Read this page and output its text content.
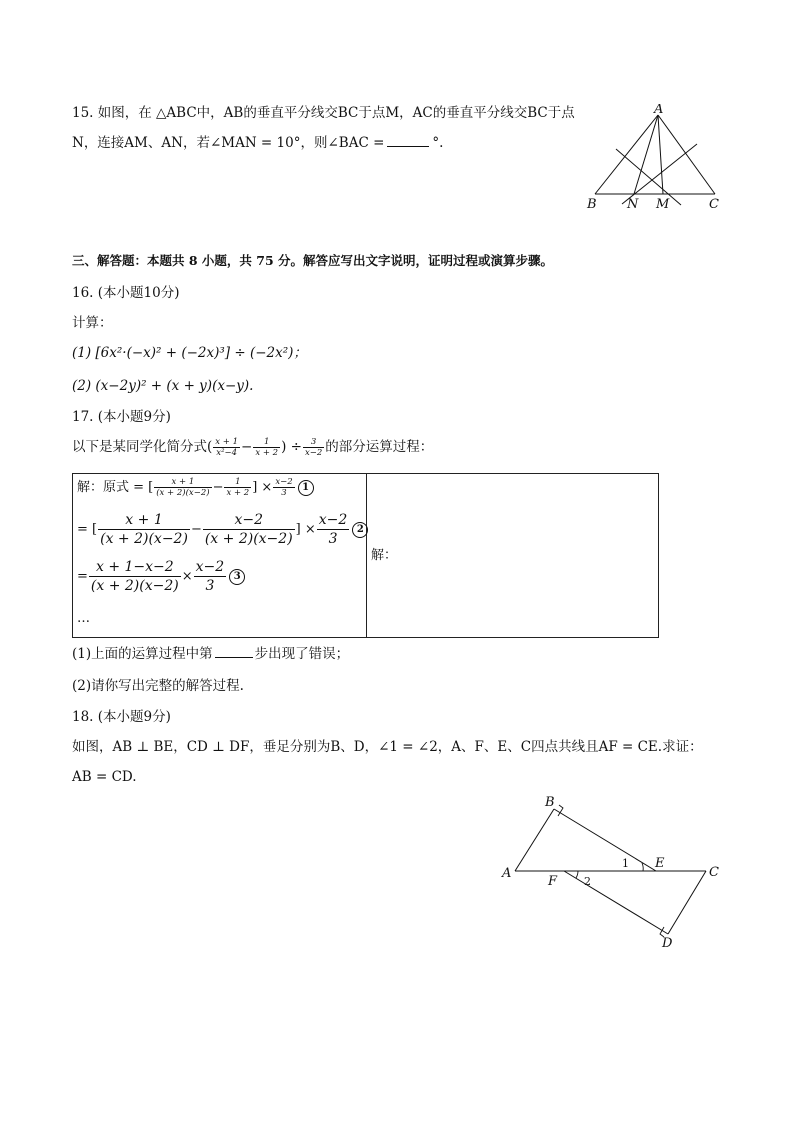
15. 如图，在 △ABC中，AB的垂直平分线交BC于点M，AC的垂直平分线交BC于点
N，连接AM、AN，若∠MAN = 10°，则∠BAC =	°.
A
B N M	C
三、解答题：本题共 8 小题，共 75 分。解答应写出文字说明，证明过程或演算步骤。
16. (本小题10分)
计算：
(1) [6x²·(−x)² + (−2x)³] ÷ (−2x²)；
(2) (x−2y)² + (x + y)(x−y).
17. (本小题9分)
以下是某同学化简分式( $\frac{x + 1}{\text{x²−4}} - \frac{1}{x + 2}$ ) ÷ $\frac{3}{x-2}$ 的部分运算过程：
解：原式 = [ $\frac{x + 1}{(x + 2)(x-2)} - \frac{1}{x + 2}$ ] × $\frac{x-2}{3} 1$
= [ $\frac{x + 1}{(x + 2)(x-2)} - \frac{x-2}{(x + 2)(x-2)}$ ] × $\frac{x-2}{3} 2$
= $\frac{x + 1-x-2}{(x + 2)(x-2)} \times \frac{x-2}{3} 3$
…
解：
(1)上面的运算过程中第	步出现了错误；
(2)请你写出完整的解答过程.
18. (本小题9分)
如图，AB ⊥ BE，CD ⊥ DF，垂足分别为B、D，∠1 = ∠2，A、F、E、C四点共线且AF = CE.求证：
AB = CD.
B
A
E
C
F
D
1
2
